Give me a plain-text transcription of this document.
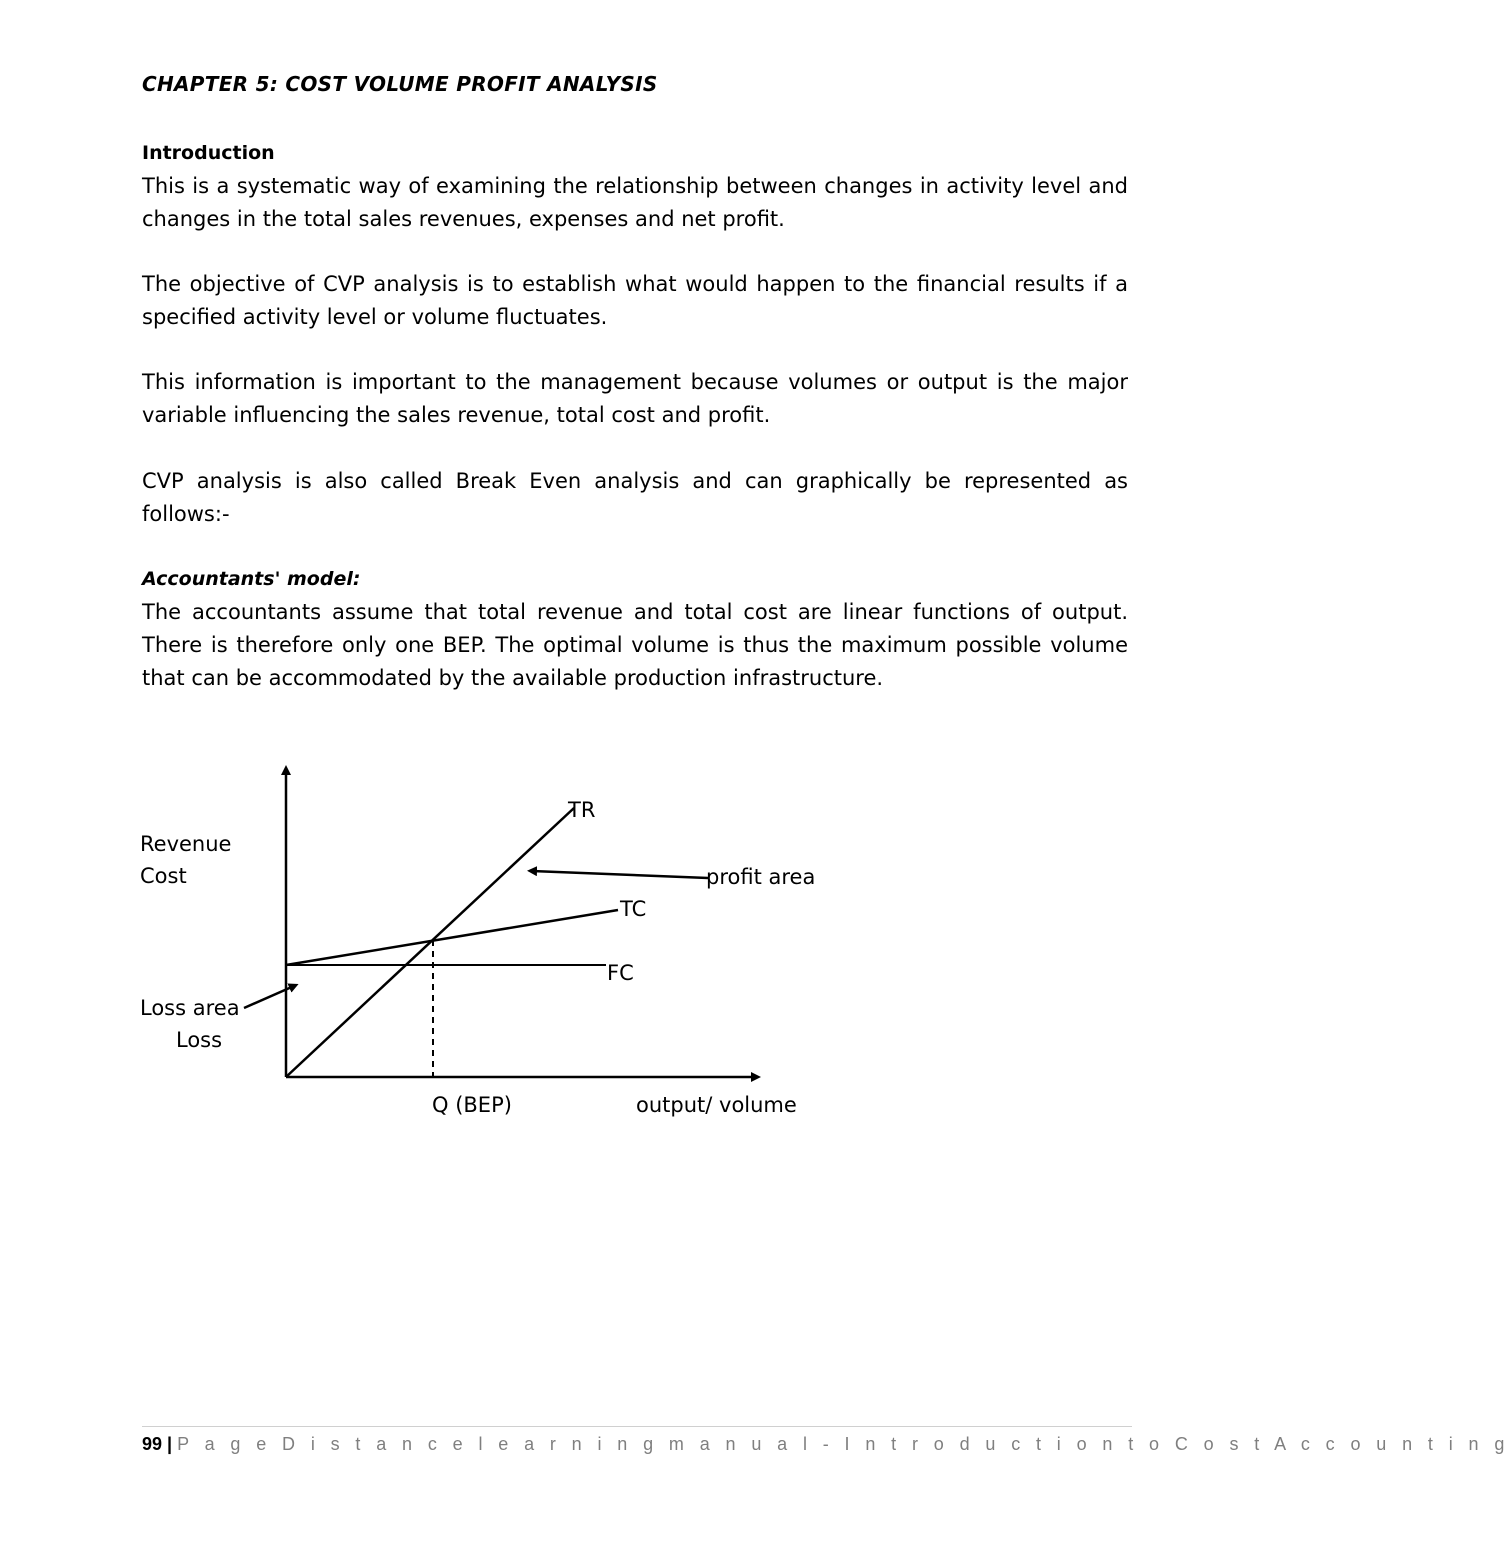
CHAPTER 5: COST VOLUME PROFIT ANALYSIS
Introduction

This is a systematic way of examining the relationship between changes in activity level and changes in the total sales revenues, expenses and net profit.

The objective of CVP analysis is to establish what would happen to the financial results if a specified activity level or volume fluctuates.

This information is important to the management because volumes or output is the major variable influencing the sales revenue, total cost and profit.

CVP analysis is also called Break Even analysis and can graphically be represented as follows:-

Accountants' model:

The accountants assume that total revenue and total cost are linear functions of output. There is therefore only one BEP. The optimal volume is thus the maximum possible volume that can be accommodated by the available production infrastructure.

Revenue
Cost
TR
profit area
TC
FC
Loss area
Loss
Q (BEP)	output/ volume
99 | P a g e D i s t a n c e l e a r n i n g m a n u a l - I n t r o d u c t i o n t o C o s t A c c o u n t i n g
